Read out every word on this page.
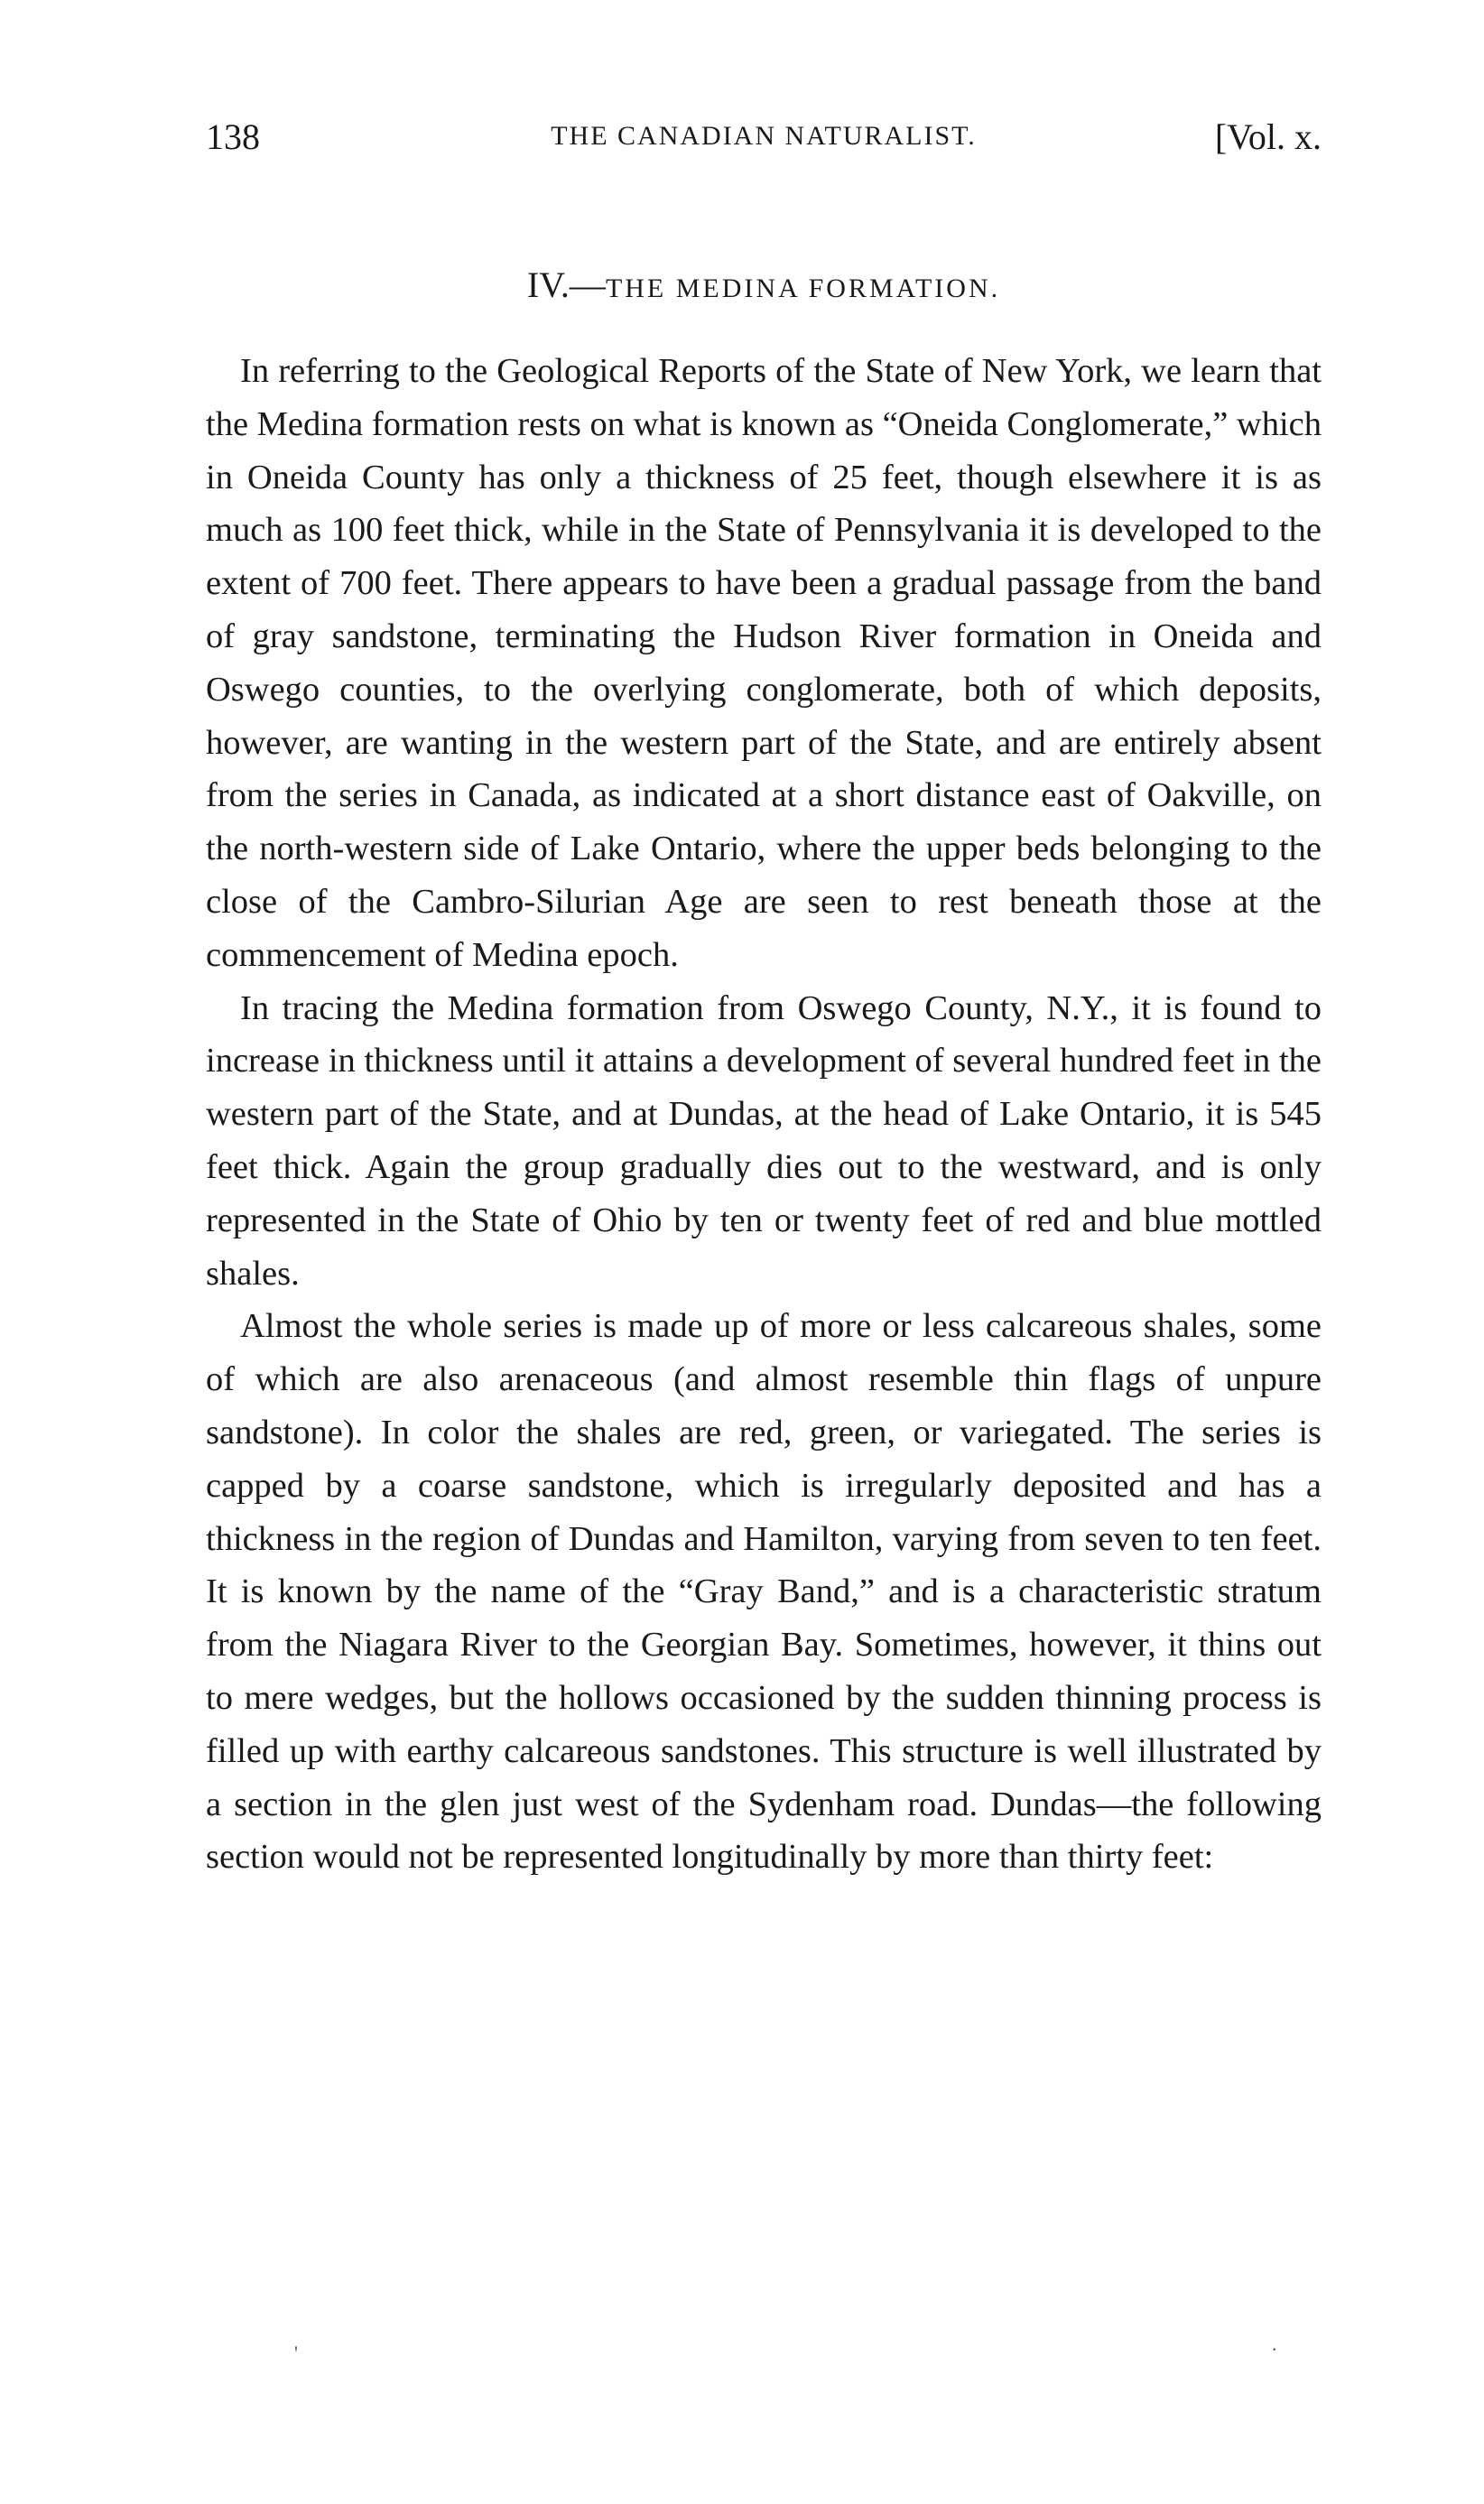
138	THE CANADIAN NATURALIST.	[Vol. x.
IV.—THE MEDINA FORMATION.

In referring to the Geological Reports of the State of New York, we learn that the Medina formation rests on what is known as “Oneida Conglomerate,” which in Oneida County has only a thickness of 25 feet, though elsewhere it is as much as 100 feet thick, while in the State of Pennsylvania it is developed to the extent of 700 feet. There appears to have been a gradual passage from the band of gray sandstone, terminating the Hudson River formation in Oneida and Oswego counties, to the overlying conglomerate, both of which deposits, however, are wanting in the western part of the State, and are entirely absent from the series in Canada, as indicated at a short distance east of Oakville, on the north-western side of Lake Ontario, where the upper beds belonging to the close of the Cambro-Silurian Age are seen to rest beneath those at the commencement of Medina epoch.

In tracing the Medina formation from Oswego County, N.Y., it is found to increase in thickness until it attains a development of several hundred feet in the western part of the State, and at Dundas, at the head of Lake Ontario, it is 545 feet thick. Again the group gradually dies out to the westward, and is only represented in the State of Ohio by ten or twenty feet of red and blue mottled shales.

Almost the whole series is made up of more or less calcareous shales, some of which are also arenaceous (and almost resemble thin flags of unpure sandstone). In color the shales are red, green, or variegated. The series is capped by a coarse sandstone, which is irregularly deposited and has a thickness in the region of Dundas and Hamilton, varying from seven to ten feet. It is known by the name of the “Gray Band,” and is a characteristic stratum from the Niagara River to the Georgian Bay. Sometimes, however, it thins out to mere wedges, but the hollows occasioned by the sudden thinning process is filled up with earthy calcareous sandstones. This structure is well illustrated by a section in the glen just west of the Sydenham road. Dundas—the following section would not be represented longitudinally by more than thirty feet:

'	·
